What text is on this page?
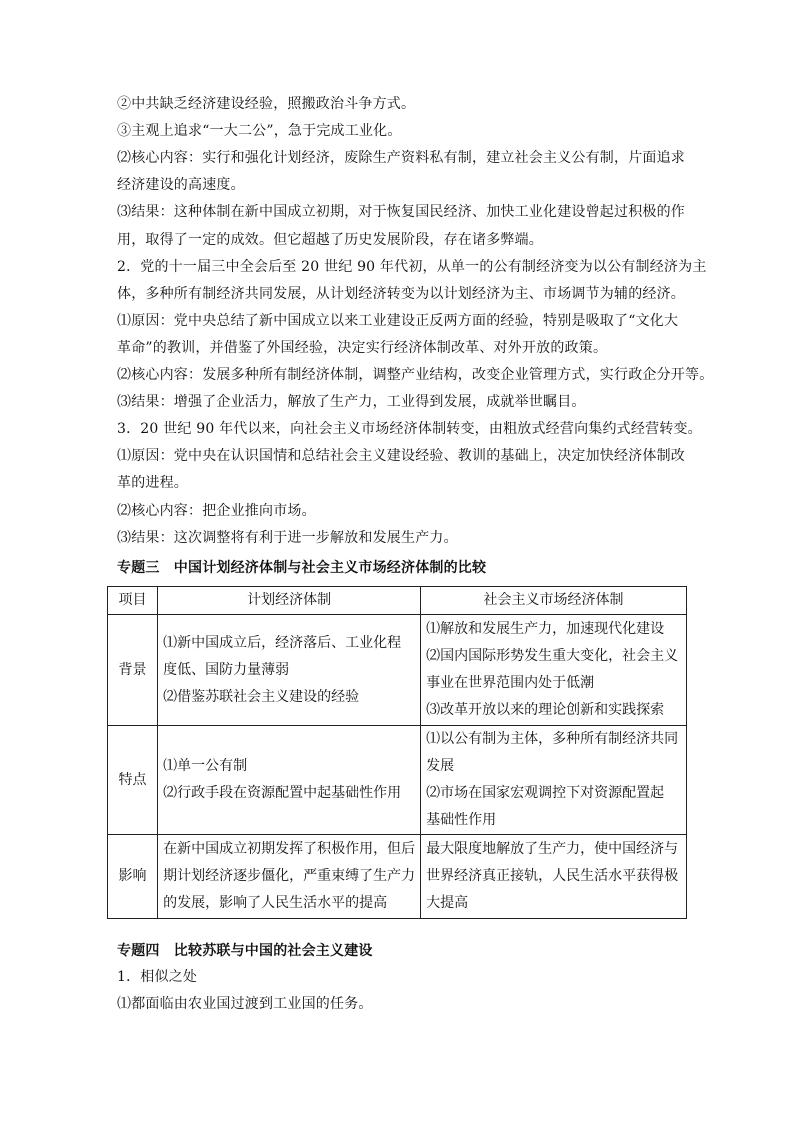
②中共缺乏经济建设经验，照搬政治斗争方式。
③主观上追求“一大二公”，急于完成工业化。
⑵核心内容：实行和强化计划经济，废除生产资料私有制，建立社会主义公有制，片面追求
经济建设的高速度。
⑶结果：这种体制在新中国成立初期，对于恢复国民经济、加快工业化建设曾起过积极的作
用，取得了一定的成效。但它超越了历史发展阶段，存在诸多弊端。
2．党的十一届三中全会后至 20 世纪 90 年代初，从单一的公有制经济变为以公有制经济为主
体，多种所有制经济共同发展，从计划经济转变为以计划经济为主、市场调节为辅的经济。
⑴原因：党中央总结了新中国成立以来工业建设正反两方面的经验，特别是吸取了“文化大
革命”的教训，并借鉴了外国经验，决定实行经济体制改革、对外开放的政策。
⑵核心内容：发展多种所有制经济体制，调整产业结构，改变企业管理方式，实行政企分开等。
⑶结果：增强了企业活力，解放了生产力，工业得到发展，成就举世瞩目。
3．20 世纪 90 年代以来，向社会主义市场经济体制转变，由粗放式经营向集约式经营转变。
⑴原因：党中央在认识国情和总结社会主义建设经验、教训的基础上，决定加快经济体制改
革的进程。
⑵核心内容：把企业推向市场。
⑶结果：这次调整将有利于进一步解放和发展生产力。
专题三　中国计划经济体制与社会主义市场经济体制的比较
项目	计划经济体制	社会主义市场经济体制
背景	⑴新中国成立后，经济落后、工业化程
度低、国防力量薄弱
⑵借鉴苏联社会主义建设的经验	⑴解放和发展生产力，加速现代化建设
⑵国内国际形势发生重大变化，社会主义
事业在世界范围内处于低潮
⑶改革开放以来的理论创新和实践探索

特点	⑴单一公有制
⑵行政手段在资源配置中起基础性作用	⑴以公有制为主体，多种所有制经济共同
发展
⑵市场在国家宏观调控下对资源配置起
基础性作用

影响	在新中国成立初期发挥了积极作用，但后
期计划经济逐步僵化，严重束缚了生产力
的发展，影响了人民生活水平的提高	最大限度地解放了生产力，使中国经济与
世界经济真正接轨，人民生活水平获得极
大提高
专题四　比较苏联与中国的社会主义建设
1．相似之处
⑴都面临由农业国过渡到工业国的任务。
